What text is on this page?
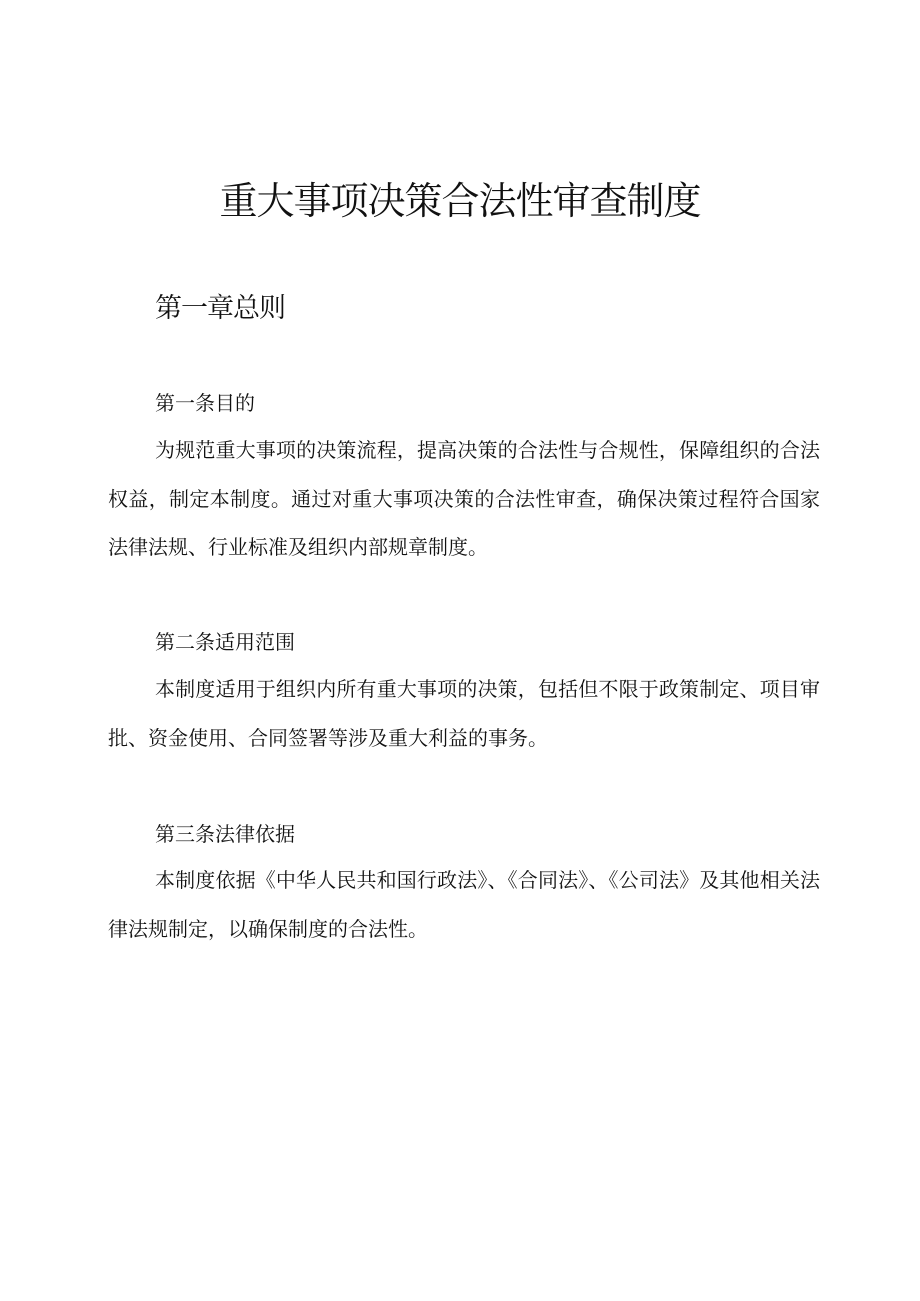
重大事项决策合法性审查制度
第一章总则

第一条目的

为规范重大事项的决策流程，提高决策的合法性与合规性，保障组织的合法权益，制定本制度。通过对重大事项决策的合法性审查，确保决策过程符合国家法律法规、行业标准及组织内部规章制度。

第二条适用范围

本制度适用于组织内所有重大事项的决策，包括但不限于政策制定、项目审批、资金使用、合同签署等涉及重大利益的事务。

第三条法律依据

本制度依据《中华人民共和国行政法》、《合同法》、《公司法》及其他相关法律法规制定，以确保制度的合法性。
